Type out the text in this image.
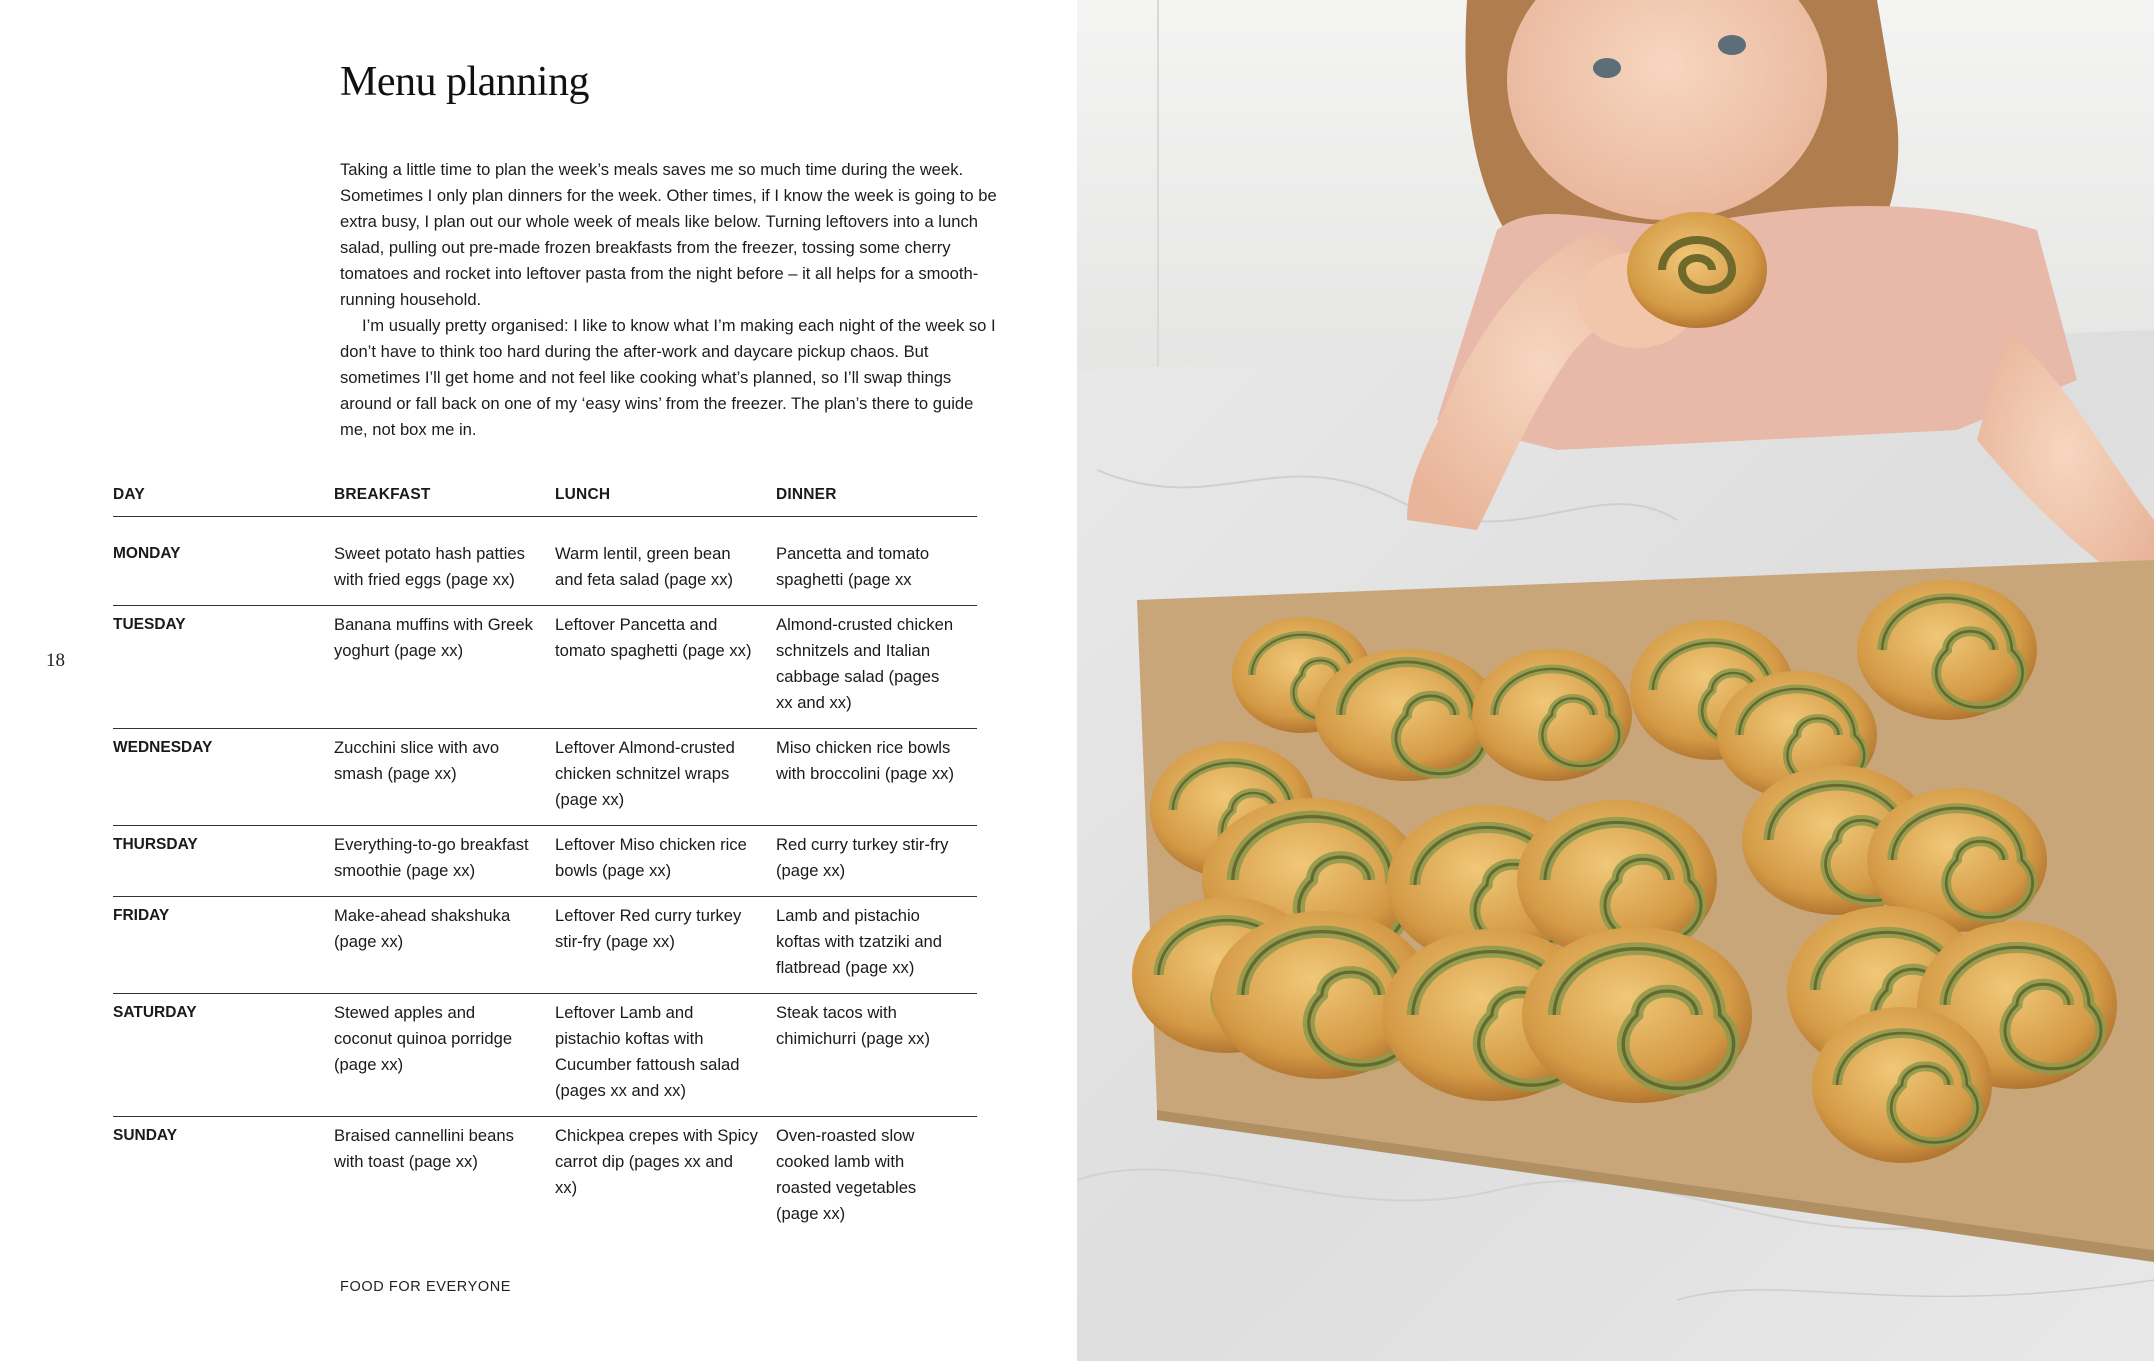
Menu planning

Taking a little time to plan the week’s meals saves me so much time during the week. Sometimes I only plan dinners for the week. Other times, if I know the week is going to be extra busy, I plan out our whole week of meals like below. Turning leftovers into a lunch salad, pulling out pre-made frozen breakfasts from the freezer, tossing some cherry tomatoes and rocket into leftover pasta from the night before – it all helps for a smooth-running household.

I’m usually pretty organised: I like to know what I’m making each night of the week so I don’t have to think too hard during the after-work and daycare pickup chaos. But sometimes I’ll get home and not feel like cooking what’s planned, so I’ll swap things around or fall back on one of my ‘easy wins’ from the freezer. The plan’s there to guide me, not box me in.

DAY	BREAKFAST	LUNCH	DINNER
MONDAY	Sweet potato hash patties with fried eggs (page xx)	Warm lentil, green bean and feta salad (page xx)	Pancetta and tomato spaghetti (page xx
TUESDAY	Banana muffins with Greek yoghurt (page xx)	Leftover Pancetta and tomato spaghetti (page xx)	Almond-crusted chicken schnitzels and Italian cabbage salad (pages xx and xx)
WEDNESDAY	Zucchini slice with avo smash (page xx)	Leftover Almond-crusted chicken schnitzel wraps (page xx)	Miso chicken rice bowls with broccolini (page xx)
THURSDAY	Everything-to-go breakfast smoothie (page xx)	Leftover Miso chicken rice bowls (page xx)	Red curry turkey stir-fry (page xx)
FRIDAY	Make-ahead shakshuka (page xx)	Leftover Red curry turkey stir-fry (page xx)	Lamb and pistachio koftas with tzatziki and flatbread (page xx)
SATURDAY	Stewed apples and coconut quinoa porridge (page xx)	Leftover Lamb and pistachio koftas with Cucumber fattoush salad (pages xx and xx)	Steak tacos with chimichurri (page xx)
SUNDAY	Braised cannellini beans with toast (page xx)	Chickpea crepes with Spicy carrot dip (pages xx and xx)	Oven-roasted slow cooked lamb with roasted vegetables (page xx)
18
FOOD FOR EVERYONE
